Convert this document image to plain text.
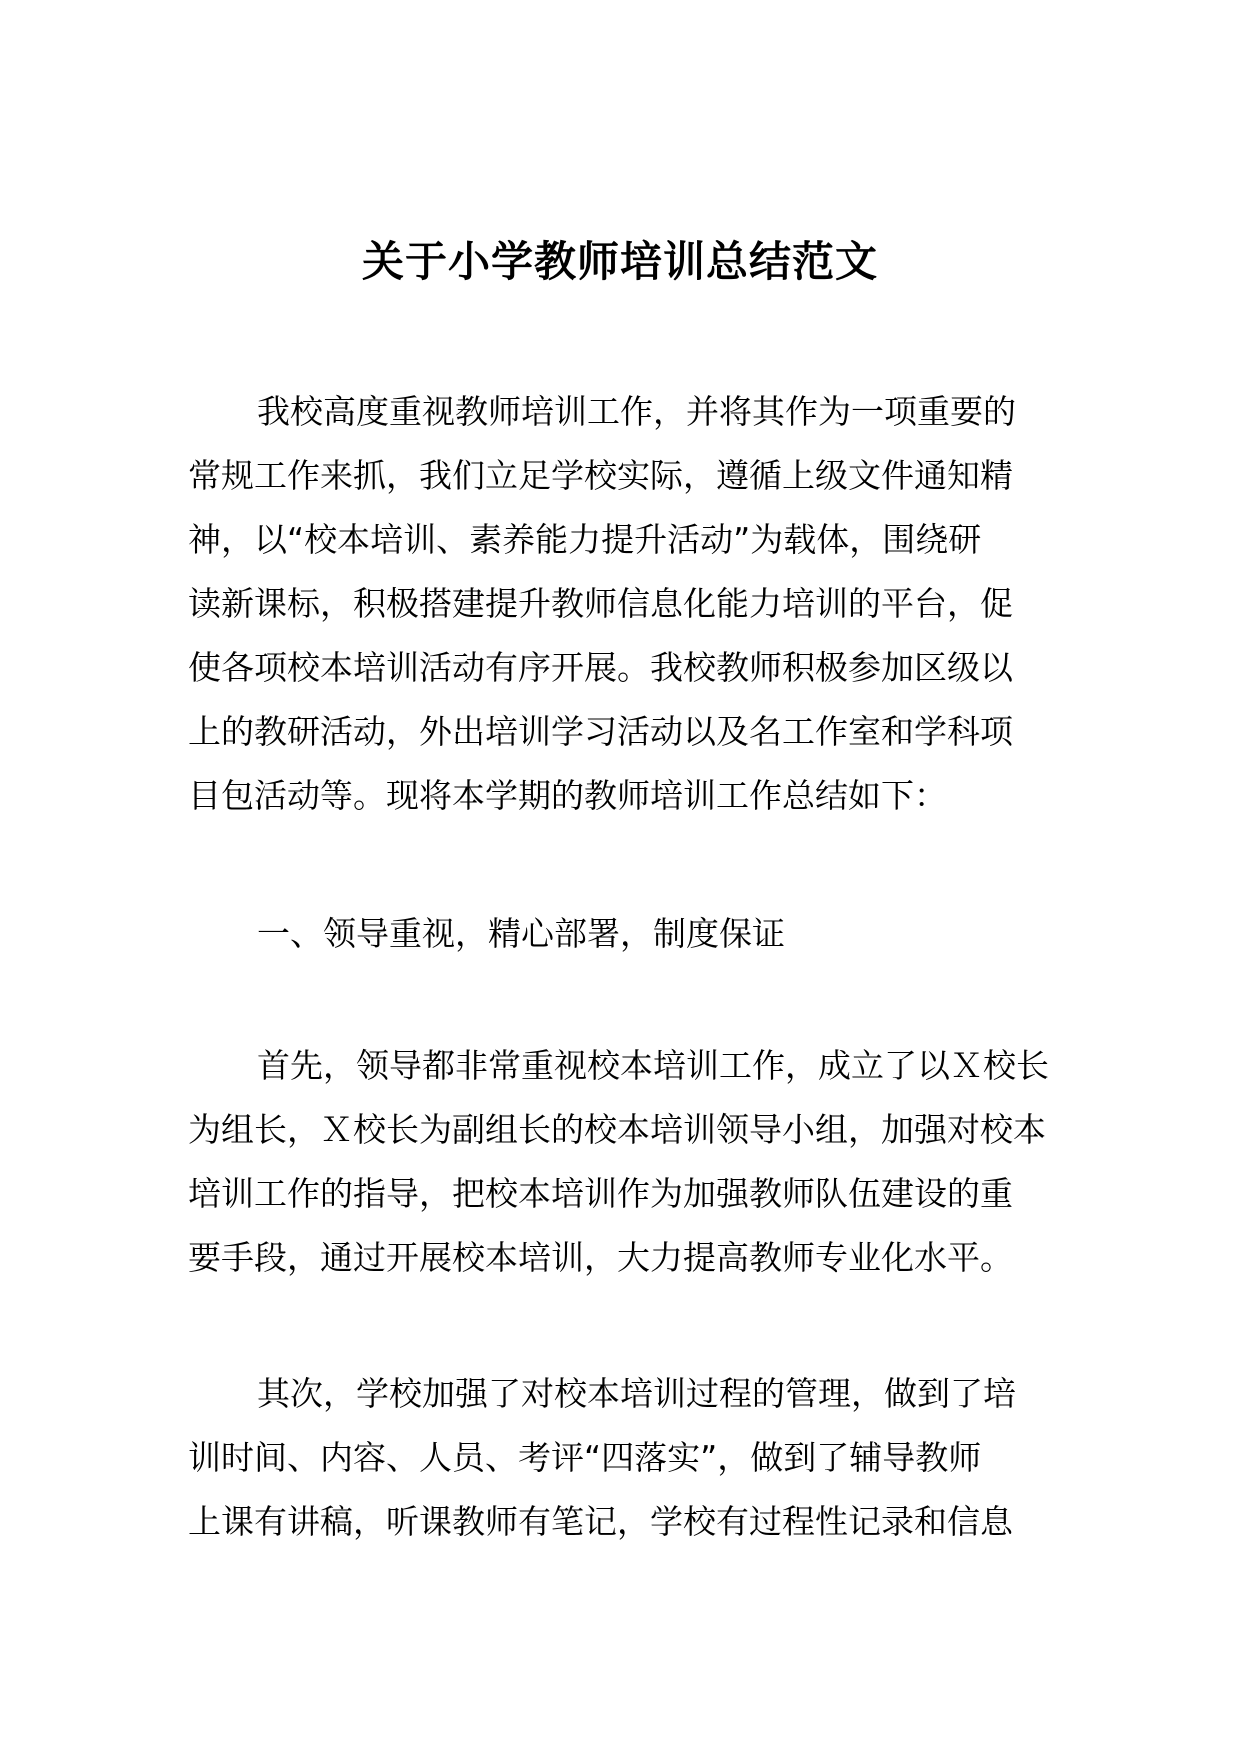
关于小学教师培训总结范文

我校高度重视教师培训工作，并将其作为一项重要的
常规工作来抓，我们立足学校实际，遵循上级文件通知精
神，以“校本培训、素养能力提升活动”为载体，围绕研
读新课标，积极搭建提升教师信息化能力培训的平台，促
使各项校本培训活动有序开展。我校教师积极参加区级以
上的教研活动，外出培训学习活动以及名工作室和学科项
目包活动等。现将本学期的教师培训工作总结如下：

一、领导重视，精心部署，制度保证

首先，领导都非常重视校本培训工作，成立了以Ｘ校长
为组长，Ｘ校长为副组长的校本培训领导小组，加强对校本
培训工作的指导，把校本培训作为加强教师队伍建设的重
要手段，通过开展校本培训，大力提高教师专业化水平。

其次，学校加强了对校本培训过程的管理，做到了培
训时间、内容、人员、考评“四落实”，做到了辅导教师
上课有讲稿，听课教师有笔记，学校有过程性记录和信息
